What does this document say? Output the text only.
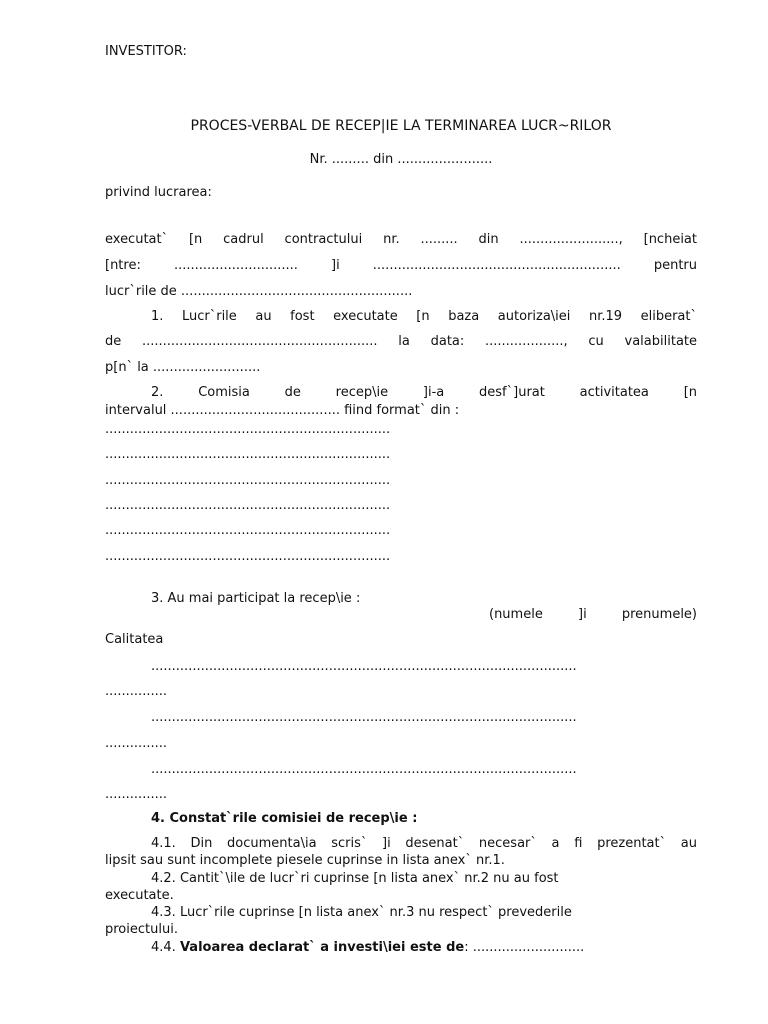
INVESTITOR:
PROCES-VERBAL DE RECEP|IE LA TERMINAREA LUCR~RILOR
Nr. ......... din .......................
privind lucrarea:
executat` [n cadrul contractului nr. ......... din ........................, [ncheiat
[ntre: .............................. ]i ............................................................ pentru
lucr`rile de ........................................................
1. Lucr`rile au fost executate [n baza autoriza\iei nr.19 eliberat`
de ......................................................... la data: ..................., cu valabilitate
p[n` la ..........................
2. Comisia de recep\ie ]i-a desf`]urat activitatea [n
intervalul ......................................... fiind format` din :
.....................................................................
.....................................................................
.....................................................................
.....................................................................
.....................................................................
.....................................................................
3. Au mai participat la recep\ie :
(numele ]i prenumele)
Calitatea
.......................................................................................................
...............
.......................................................................................................
...............
.......................................................................................................
...............
4. Constat`rile comisiei de recep\ie :
4.1. Din documenta\ia scris` ]i desenat` necesar` a fi prezentat` au
lipsit sau sunt incomplete piesele cuprinse in lista anex` nr.1.
4.2. Cantit`\ile de lucr`ri cuprinse [n lista anex` nr.2 nu au fost
executate.
4.3. Lucr`rile cuprinse [n lista anex` nr.3 nu respect` prevederile
proiectului.
4.4. Valoarea declarat` a investi\iei este de: ...........................
